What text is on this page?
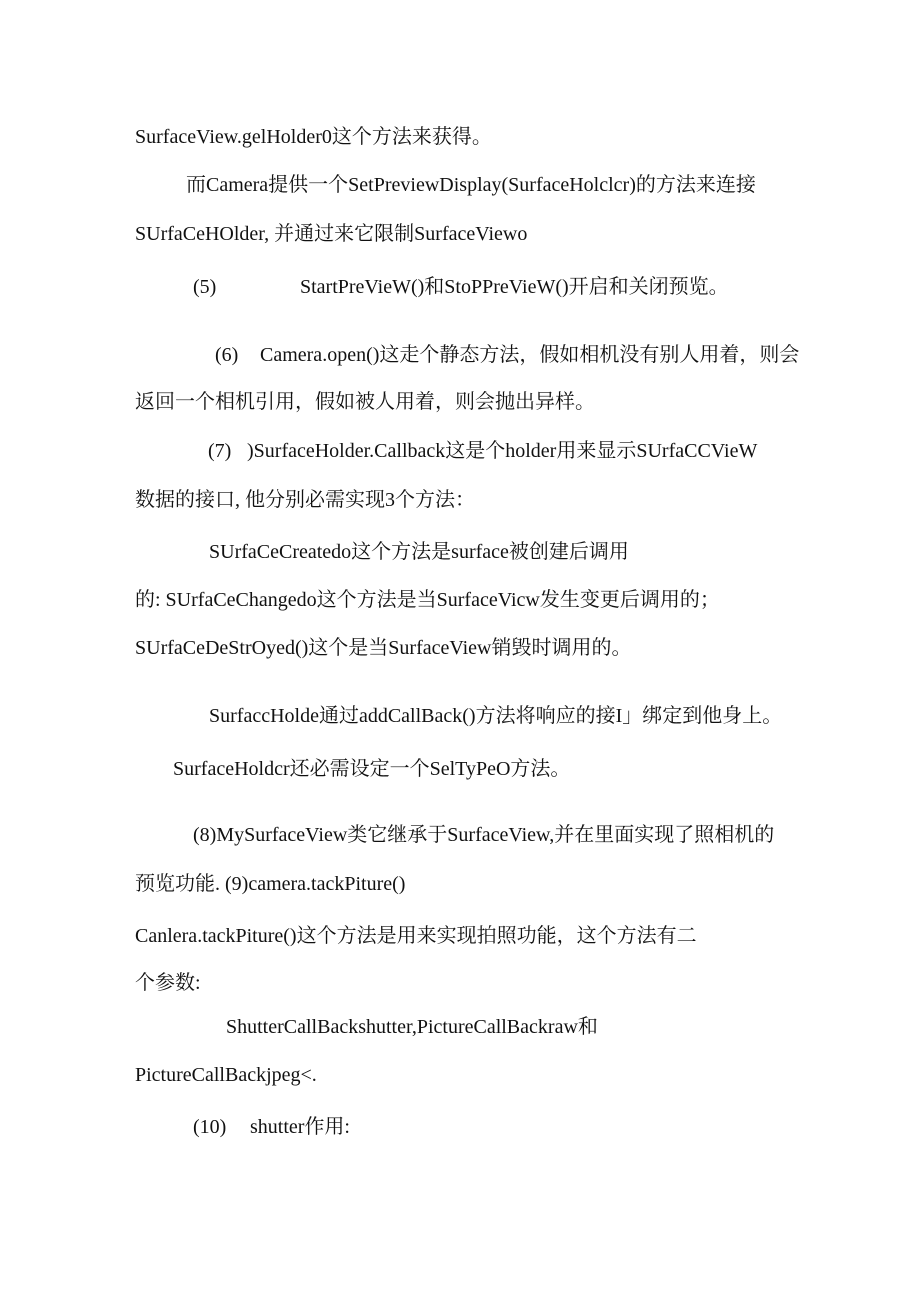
SurfaceView.gelHolder0这个方法来获得。
而Camera提供一个SetPreviewDisplay(SurfaceHolclcr)的方法来连接
SUrfaCeHOlder, 并通过来它限制SurfaceViewo
(5)	StartPreVieW()和StoPPreVieW()开启和关闭预览。
(6) Camera.open()这走个静态方法，假如相机没有别人用着，则会
返回一个相机引用，假如被人用着，则会抛出异样。
(7) )SurfaceHolder.Callback这是个holder用来显示SUrfaCCVieW
数据的接口, 他分别必需实现3个方法：
SUrfaCeCreatedo这个方法是surface被创建后调用
的: SUrfaCeChangedo这个方法是当SurfaceVicw发生变更后调用的；
SUrfaCeDeStrOyed()这个是当SurfaceView销毁时调用的。
SurfaccHolde通过addCallBack()方法将响应的接I」绑定到他身上。
SurfaceHoldcr还必需设定一个SelTyPeO方法。
(8)MySurfaceView类它继承于SurfaceView,并在里面实现了照相机的
预览功能. (9)camera.tackPiture()
Canlera.tackPiture()这个方法是用来实现拍照功能，这个方法有二
个参数:
ShutterCallBackshutter,PictureCallBackraw和
PictureCallBackjpeg<.
(10) shutter作用:
